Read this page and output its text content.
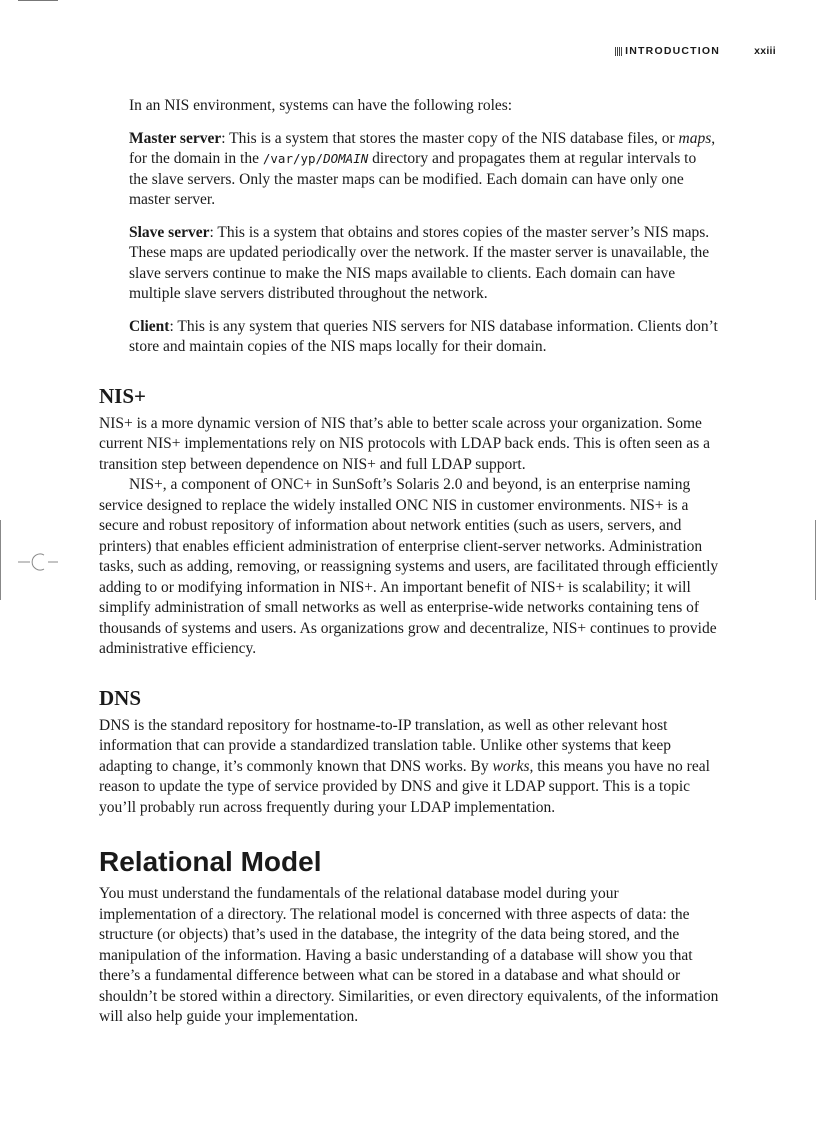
INTRODUCTION	xxiii

In an NIS environment, systems can have the following roles:

Master server: This is a system that stores the master copy of the NIS database files, or maps, for the domain in the /var/yp/DOMAIN directory and propagates them at regular intervals to the slave servers. Only the master maps can be modified. Each domain can have only one master server.

Slave server: This is a system that obtains and stores copies of the master server’s NIS maps. These maps are updated periodically over the network. If the master server is unavailable, the slave servers continue to make the NIS maps available to clients. Each domain can have multiple slave servers distributed throughout the network.

Client: This is any system that queries NIS servers for NIS database information. Clients don’t store and maintain copies of the NIS maps locally for their domain.

NIS+

NIS+ is a more dynamic version of NIS that’s able to better scale across your organization. Some current NIS+ implementations rely on NIS protocols with LDAP back ends. This is often seen as a transition step between dependence on NIS+ and full LDAP support.

NIS+, a component of ONC+ in SunSoft’s Solaris 2.0 and beyond, is an enterprise naming service designed to replace the widely installed ONC NIS in customer environments. NIS+ is a secure and robust repository of information about network entities (such as users, servers, and printers) that enables efficient administration of enterprise client-server networks. Administration tasks, such as adding, removing, or reassigning systems and users, are facilitated through efficiently adding to or modifying information in NIS+. An important benefit of NIS+ is scalability; it will simplify administration of small networks as well as enterprise-wide networks containing tens of thousands of systems and users. As organizations grow and decentralize, NIS+ continues to provide administrative efficiency.

DNS

DNS is the standard repository for hostname-to-IP translation, as well as other relevant host information that can provide a standardized translation table. Unlike other systems that keep adapting to change, it’s commonly known that DNS works. By works, this means you have no real reason to update the type of service provided by DNS and give it LDAP support. This is a topic you’ll probably run across frequently during your LDAP implementation.

Relational Model

You must understand the fundamentals of the relational database model during your implementation of a directory. The relational model is concerned with three aspects of data: the structure (or objects) that’s used in the database, the integrity of the data being stored, and the manipulation of the information. Having a basic understanding of a database will show you that there’s a fundamental difference between what can be stored in a database and what should or shouldn’t be stored within a directory. Similarities, or even directory equivalents, of the information will also help guide your implementation.
